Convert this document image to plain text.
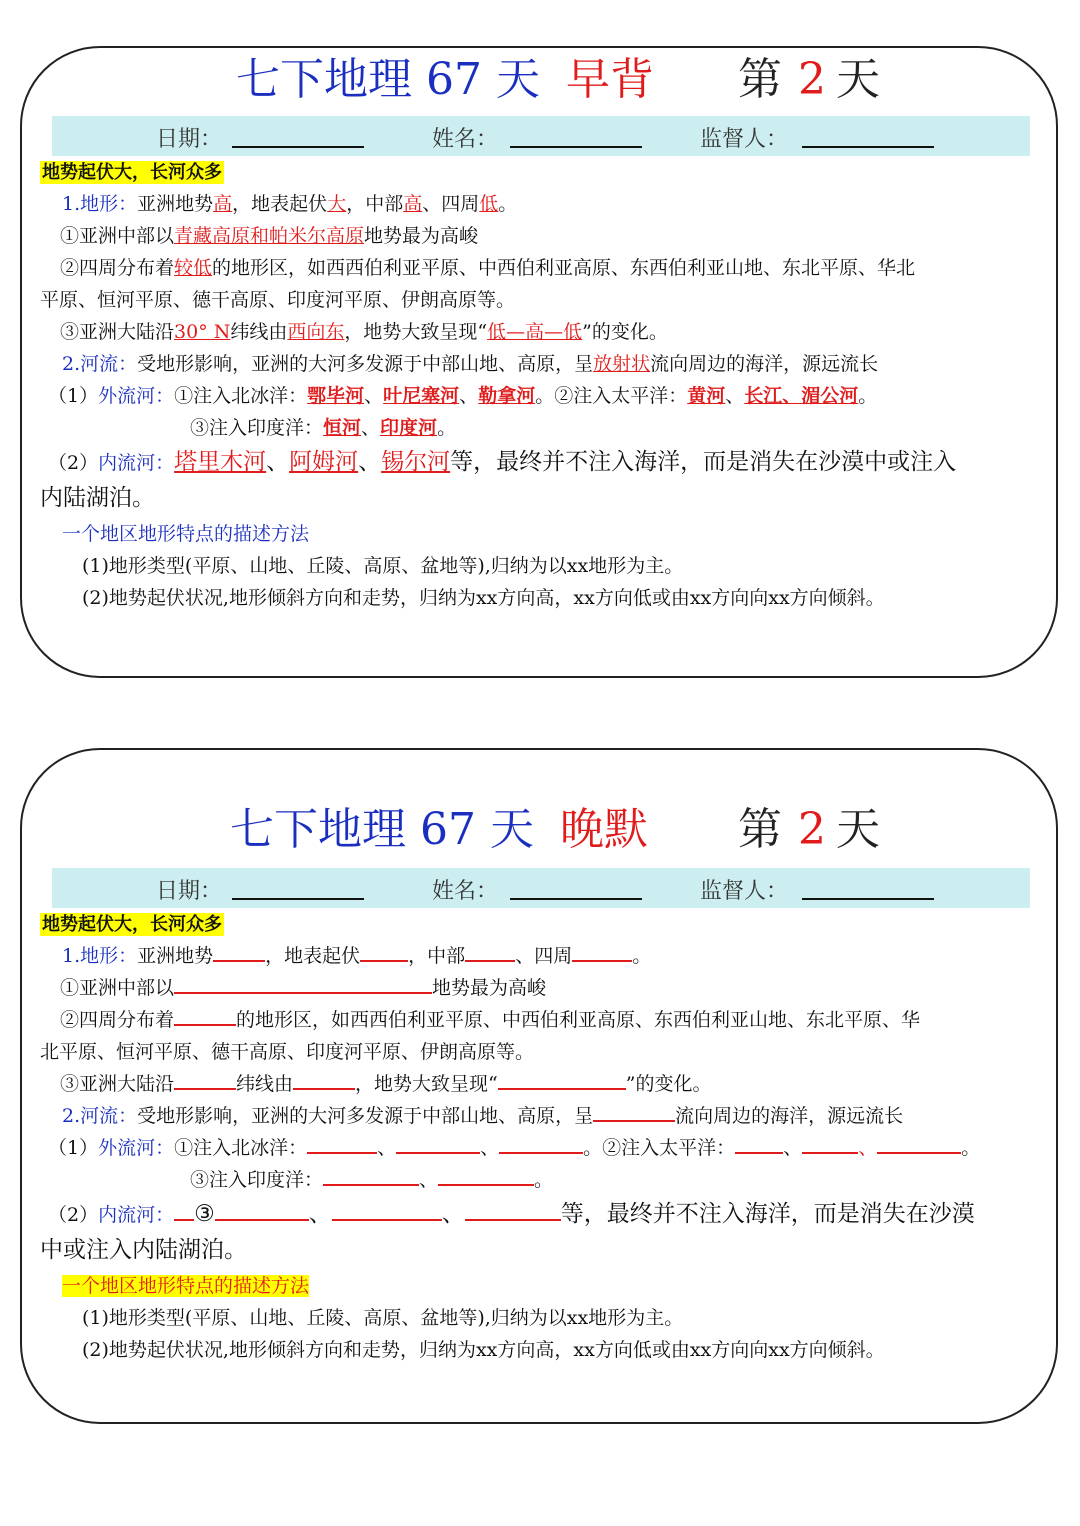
七下地理 67 天 早背 第 2 天
日期：	姓名：	监督人：
地势起伏大，长河众多
1.地形：亚洲地势高，地表起伏大，中部高、四周低。
①亚洲中部以青藏高原和帕米尔高原地势最为高峻
②四周分布着较低的地形区，如西西伯利亚平原、中西伯利亚高原、东西伯利亚山地、东北平原、华北
平原、恒河平原、德干高原、印度河平原、伊朗高原等。
③亚洲大陆沿30° N纬线由西向东，地势大致呈现“低—高—低”的变化。
2.河流：受地形影响，亚洲的大河多发源于中部山地、高原，呈放射状流向周边的海洋，源远流长
（1）外流河：①注入北冰洋：鄂毕河、叶尼塞河、勒拿河。②注入太平洋：黄河、长江、湄公河。
③注入印度洋：恒河、印度河。
（2）内流河：塔里木河、阿姆河、锡尔河等，最终并不注入海洋，而是消失在沙漠中或注入
内陆湖泊。
一个地区地形特点的描述方法
(1)地形类型(平原、山地、丘陵、高原、盆地等),归纳为以xx地形为主。
(2)地势起伏状况,地形倾斜方向和走势，归纳为xx方向高，xx方向低或由xx方向向xx方向倾斜。
七下地理 67 天 晚默 第 2 天
日期：	姓名：	监督人：
地势起伏大，长河众多
1.地形：亚洲地势	，地表起伏	，中部	、四周	。
①亚洲中部以	地势最为高峻
②四周分布着	的地形区，如西西伯利亚平原、中西伯利亚高原、东西伯利亚山地、东北平原、华
北平原、恒河平原、德干高原、印度河平原、伊朗高原等。
③亚洲大陆沿	纬线由	，地势大致呈现“	”的变化。
2.河流：受地形影响，亚洲的大河多发源于中部山地、高原，呈	流向周边的海洋，源远流长
（1）外流河：①注入北冰洋：	、	、	。②注入太平洋：	、	、	。
③注入印度洋：	、	。
（2）内流河： ③	、	、	等，最终并不注入海洋，而是消失在沙漠
中或注入内陆湖泊。
一个地区地形特点的描述方法
(1)地形类型(平原、山地、丘陵、高原、盆地等),归纳为以xx地形为主。
(2)地势起伏状况,地形倾斜方向和走势，归纳为xx方向高，xx方向低或由xx方向向xx方向倾斜。
